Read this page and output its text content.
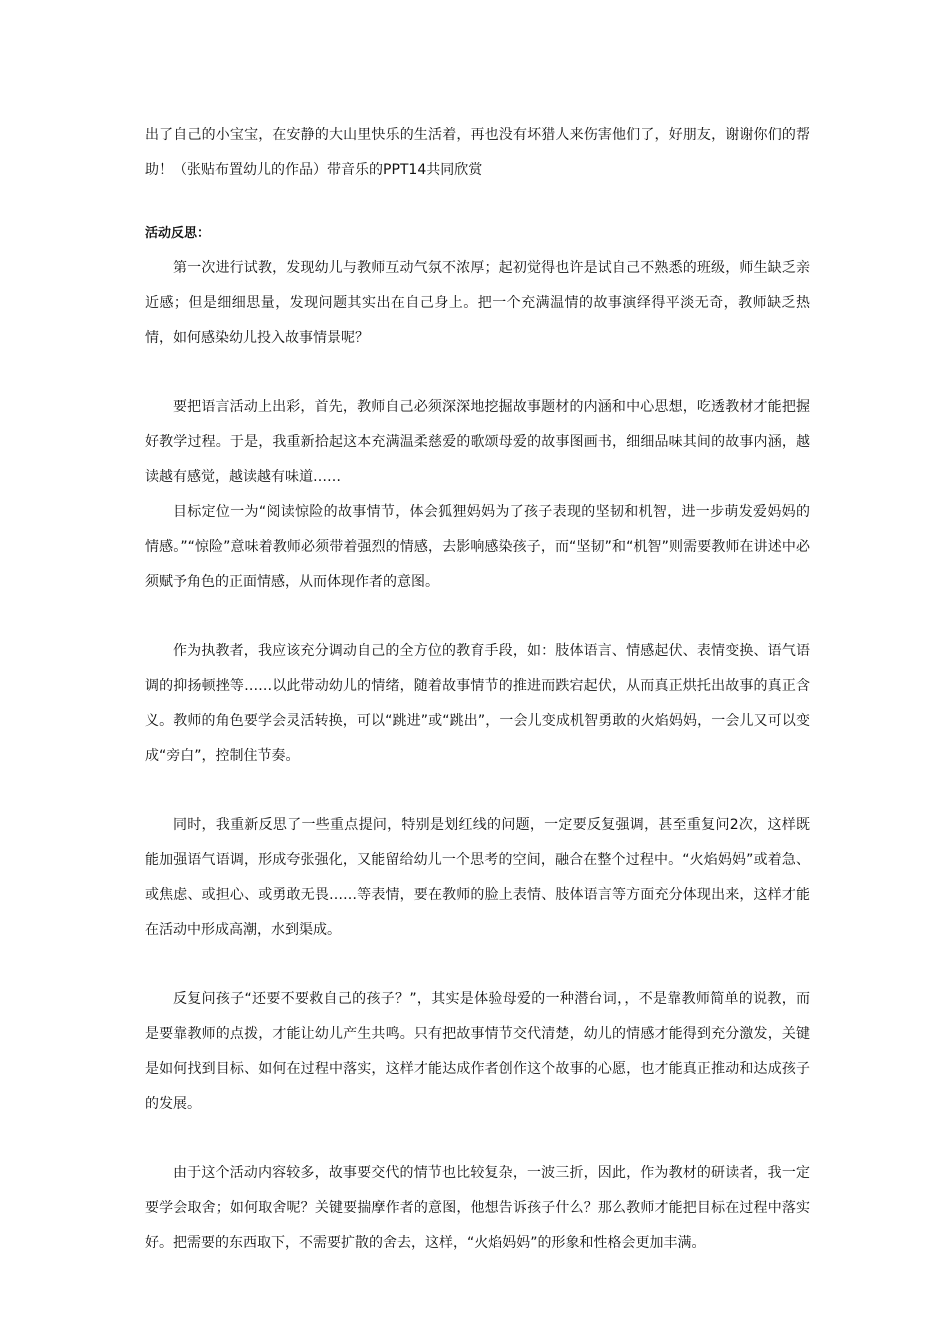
出了自己的小宝宝，在安静的大山里快乐的生活着，再也没有坏猎人来伤害他们了，好朋友，谢谢你们的帮助！（张贴布置幼儿的作品）带音乐的PPT14共同欣赏

活动反思：

第一次进行试教，发现幼儿与教师互动气氛不浓厚；起初觉得也许是试自己不熟悉的班级，师生缺乏亲近感；但是细细思量，发现问题其实出在自己身上。把一个充满温情的故事演绎得平淡无奇，教师缺乏热情，如何感染幼儿投入故事情景呢？

要把语言活动上出彩，首先，教师自己必须深深地挖掘故事题材的内涵和中心思想，吃透教材才能把握好教学过程。于是，我重新拾起这本充满温柔慈爱的歌颂母爱的故事图画书，细细品味其间的故事内涵，越读越有感觉，越读越有味道……

目标定位一为“阅读惊险的故事情节，体会狐狸妈妈为了孩子表现的坚韧和机智，进一步萌发爱妈妈的情感。”“惊险”意味着教师必须带着强烈的情感，去影响感染孩子，而“坚韧”和“机智”则需要教师在讲述中必须赋予角色的正面情感，从而体现作者的意图。

作为执教者，我应该充分调动自己的全方位的教育手段，如：肢体语言、情感起伏、表情变换、语气语调的抑扬顿挫等……以此带动幼儿的情绪，随着故事情节的推进而跌宕起伏，从而真正烘托出故事的真正含义。教师的角色要学会灵活转换，可以“跳进”或“跳出”，一会儿变成机智勇敢的火焰妈妈，一会儿又可以变成“旁白”，控制住节奏。

同时，我重新反思了一些重点提问，特别是划红线的问题，一定要反复强调，甚至重复问2次，这样既能加强语气语调，形成夸张强化，又能留给幼儿一个思考的空间，融合在整个过程中。“火焰妈妈”或着急、或焦虑、或担心、或勇敢无畏……等表情，要在教师的脸上表情、肢体语言等方面充分体现出来，这样才能在活动中形成高潮，水到渠成。

反复问孩子“还要不要救自己的孩子？”，其实是体验母爱的一种潜台词，，不是靠教师简单的说教，而是要靠教师的点拨，才能让幼儿产生共鸣。只有把故事情节交代清楚，幼儿的情感才能得到充分激发，关键是如何找到目标、如何在过程中落实，这样才能达成作者创作这个故事的心愿，也才能真正推动和达成孩子的发展。

由于这个活动内容较多，故事要交代的情节也比较复杂，一波三折，因此，作为教材的研读者，我一定要学会取舍；如何取舍呢？关键要揣摩作者的意图，他想告诉孩子什么？那么教师才能把目标在过程中落实好。把需要的东西取下，不需要扩散的舍去，这样，“火焰妈妈”的形象和性格会更加丰满。
